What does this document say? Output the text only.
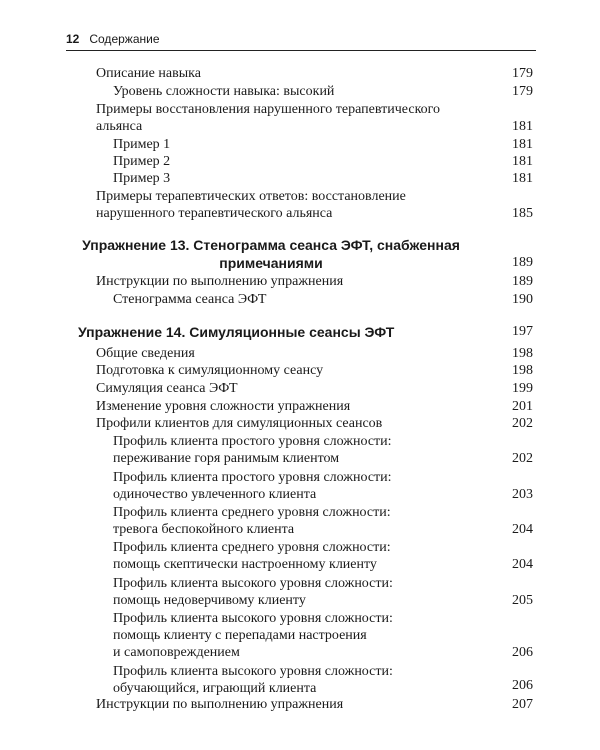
12 Содержание
Описание навыка	179
Уровень сложности навыка: высокий	179
Примеры восстановления нарушенного терапевтического
альянса	181
Пример 1	181
Пример 2	181
Пример 3	181
Примеры терапевтических ответов: восстановление
нарушенного терапевтического альянса	185
Упражнение 13. Стенограмма сеанса ЭФТ, снабженная
примечаниями	189
Инструкции по выполнению упражнения	189
Стенограмма сеанса ЭФТ	190
Упражнение 14. Симуляционные сеансы ЭФТ	197
Общие сведения	198
Подготовка к симуляционному сеансу	198
Симуляция сеанса ЭФТ	199
Изменение уровня сложности упражнения	201
Профили клиентов для симуляционных сеансов	202
Профиль клиента простого уровня сложности:
переживание горя ранимым клиентом	202
Профиль клиента простого уровня сложности:
одиночество увлеченного клиента	203
Профиль клиента среднего уровня сложности:
тревога беспокойного клиента	204
Профиль клиента среднего уровня сложности:
помощь скептически настроенному клиенту	204
Профиль клиента высокого уровня сложности:
помощь недоверчивому клиенту	205
Профиль клиента высокого уровня сложности:
помощь клиенту с перепадами настроения
и самоповреждением	206
Профиль клиента высокого уровня сложности:
обучающийся, играющий клиента	206
Инструкции по выполнению упражнения	207
